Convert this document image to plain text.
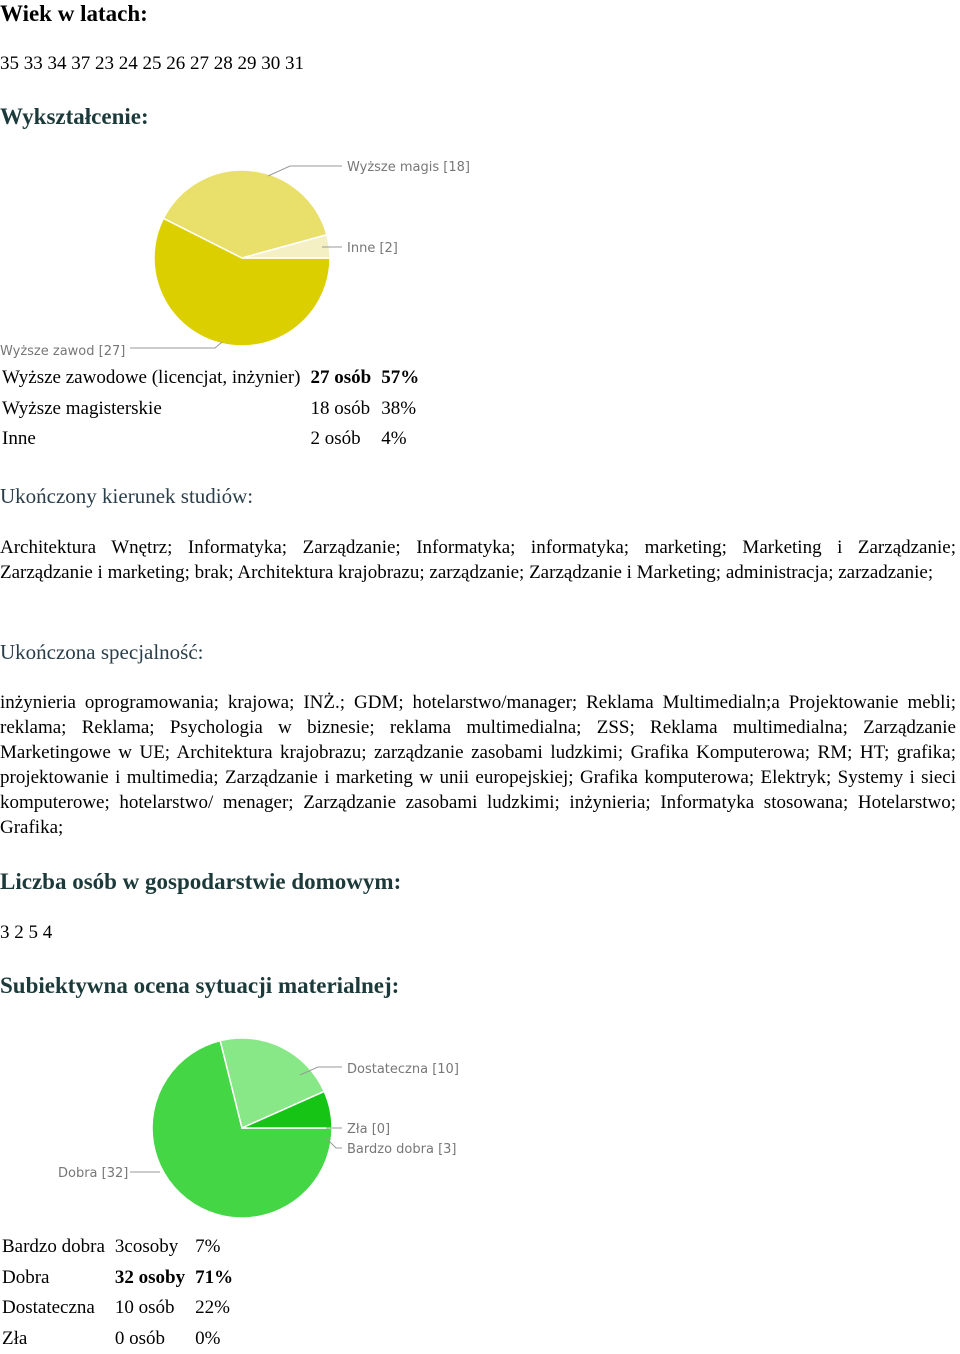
Wiek w latach:
35 33 34 37 23 24 25 26 27 28 29 30 31
Wykształcenie:
Wyższe zawod [27]
Wyższe magis [18]
Inne [2]
Wyższe zawodowe (licencjat, inżynier)	27 osób	57%
Wyższe magisterskie	18 osób	38%
Inne	2 osób	4%
Ukończony kierunek studiów:
Architektura Wnętrz; Informatyka; Zarządzanie; Informatyka; informatyka; marketing; Marketing i Zarządzanie; Zarządzanie i marketing; brak; Architektura krajobrazu; zarządzanie; Zarządzanie i Marketing; administracja; zarzadzanie;
Ukończona specjalność:
inżynieria oprogramowania; krajowa; INŻ.; GDM; hotelarstwo/manager; Reklama Multimedialn;a Projektowanie mebli; reklama; Reklama; Psychologia w biznesie; reklama multimedialna; ZSS; Reklama multimedialna; Zarządzanie Marketingowe w UE; Architektura krajobrazu; zarządzanie zasobami ludzkimi; Grafika Komputerowa; RM; HT; grafika; projektowanie i multimedia; Zarządzanie i marketing w unii europejskiej; Grafika komputerowa; Elektryk; Systemy i sieci komputerowe; hotelarstwo/ menager; Zarządzanie zasobami ludzkimi; inżynieria; Informatyka stosowana; Hotelarstwo; Grafika;
Liczba osób w gospodarstwie domowym:
3 2 5 4
Subiektywna ocena sytuacji materialnej:
Dobra [32]
Dostateczna [10]
Zła [0]
Bardzo dobra [3]
Bardzo dobra	3cosoby	7%
Dobra	32 osoby	71%
Dostateczna	10 osób	22%
Zła	0 osób	0%
